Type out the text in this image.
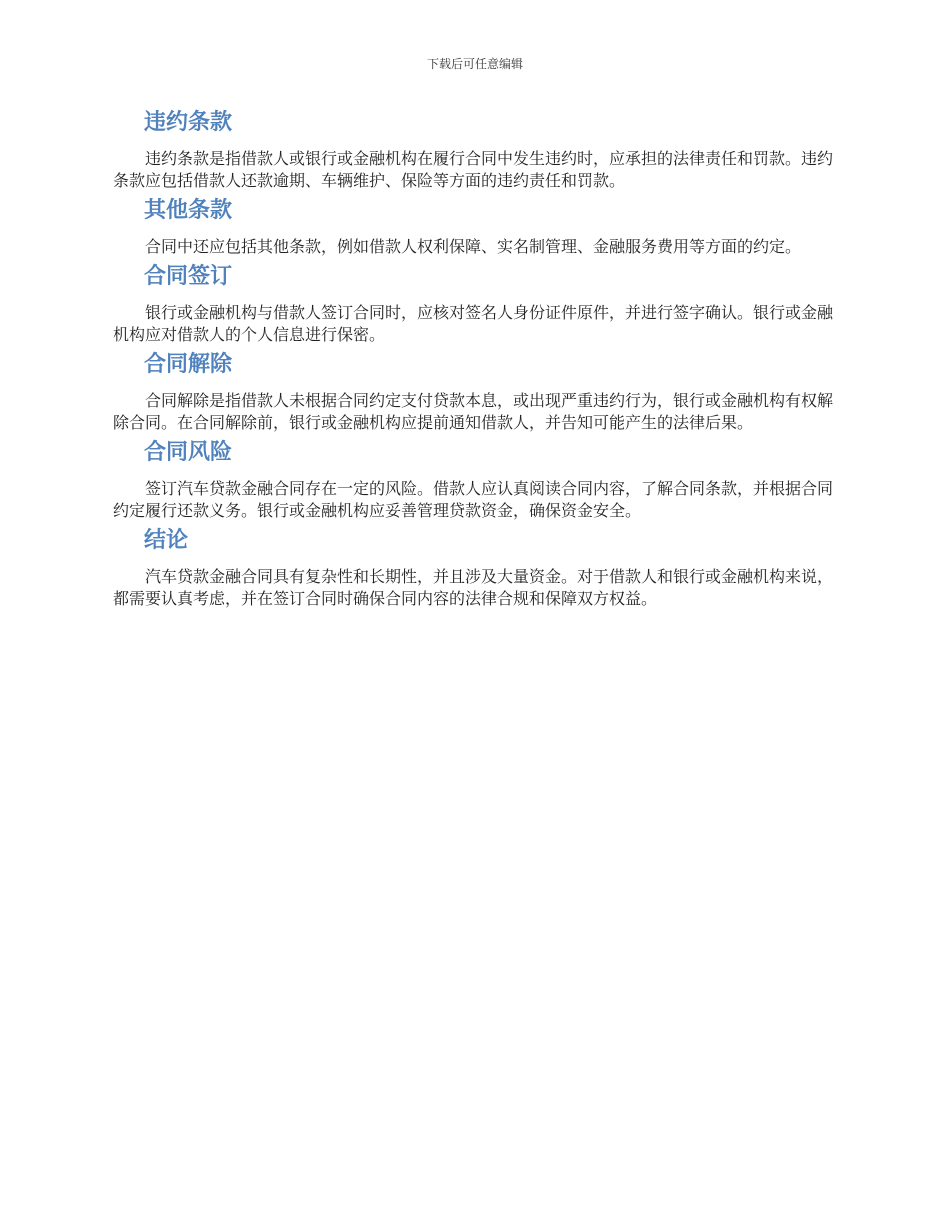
下载后可任意编辑
违约条款

违约条款是指借款人或银行或金融机构在履行合同中发生违约时，应承担的法律责任和罚款。违约条款应包括借款人还款逾期、车辆维护、保险等方面的违约责任和罚款。

其他条款

合同中还应包括其他条款，例如借款人权利保障、实名制管理、金融服务费用等方面的约定。

合同签订

银行或金融机构与借款人签订合同时，应核对签名人身份证件原件，并进行签字确认。银行或金融机构应对借款人的个人信息进行保密。

合同解除

合同解除是指借款人未根据合同约定支付贷款本息，或出现严重违约行为，银行或金融机构有权解除合同。在合同解除前，银行或金融机构应提前通知借款人，并告知可能产生的法律后果。

合同风险

签订汽车贷款金融合同存在一定的风险。借款人应认真阅读合同内容，了解合同条款，并根据合同约定履行还款义务。银行或金融机构应妥善管理贷款资金，确保资金安全。

结论

汽车贷款金融合同具有复杂性和长期性，并且涉及大量资金。对于借款人和银行或金融机构来说，都需要认真考虑，并在签订合同时确保合同内容的法律合规和保障双方权益。
